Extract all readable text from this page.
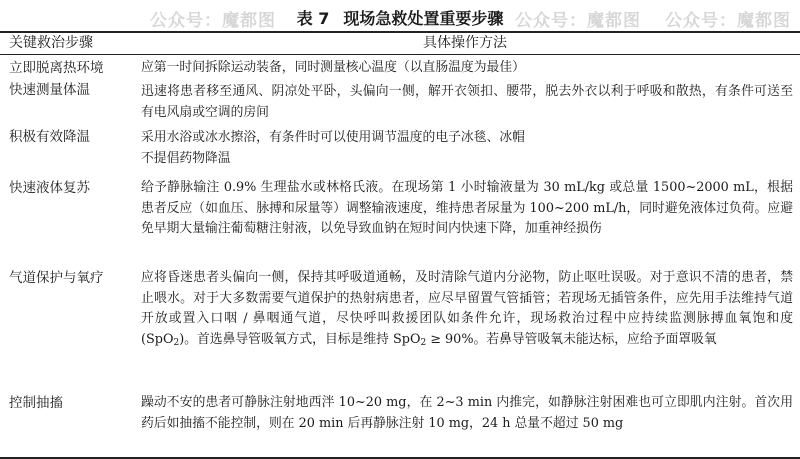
公众号：魔都图	公众号：魔都图 公众号：魔都图
表 7 现场急救处置重要步骤
关键救治步骤	具体操作方法
立即脱离热环境	应第一时间拆除运动装备，同时测量核心温度（以直肠温度为最佳）

快速测量体温	迅速将患者移至通风、阴凉处平卧，头偏向一侧，解开衣领扣、腰带，脱去外衣以利于呼吸和散热，有条件可送至有电风扇或空调的房间

积极有效降温	采用水浴或冰水擦浴，有条件时可以使用调节温度的电子冰毯、冰帽

不提倡药物降温

快速液体复苏	给予静脉输注 0.9% 生理盐水或林格氏液。在现场第 1 小时输液量为 30 mL/kg 或总量 1500~2000 mL，根据患者反应（如血压、脉搏和尿量等）调整输液速度，维持患者尿量为 100~200 mL/h，同时避免液体过负荷。应避免早期大量输注葡萄糖注射液，以免导致血钠在短时间内快速下降，加重神经损伤

气道保护与氧疗	应将昏迷患者头偏向一侧，保持其呼吸道通畅，及时清除气道内分泌物，防止呕吐误吸。对于意识不清的患者，禁止喂水。对于大多数需要气道保护的热射病患者，应尽早留置气管插管；若现场无插管条件，应先用手法维持气道开放或置入口咽 / 鼻咽通气道，尽快呼叫救援团队如条件允许，现场救治过程中应持续监测脉搏血氧饱和度 (SpO$_2$)。首选鼻导管吸氧方式，目标是维持 SpO$_2$ ≥ 90%。若鼻导管吸氧未能达标，应给予面罩吸氧

控制抽搐	躁动不安的患者可静脉注射地西泮 10~20 mg，在 2~3 min 内推完，如静脉注射困难也可立即肌内注射。首次用药后如抽搐不能控制，则在 20 min 后再静脉注射 10 mg，24 h 总量不超过 50 mg
